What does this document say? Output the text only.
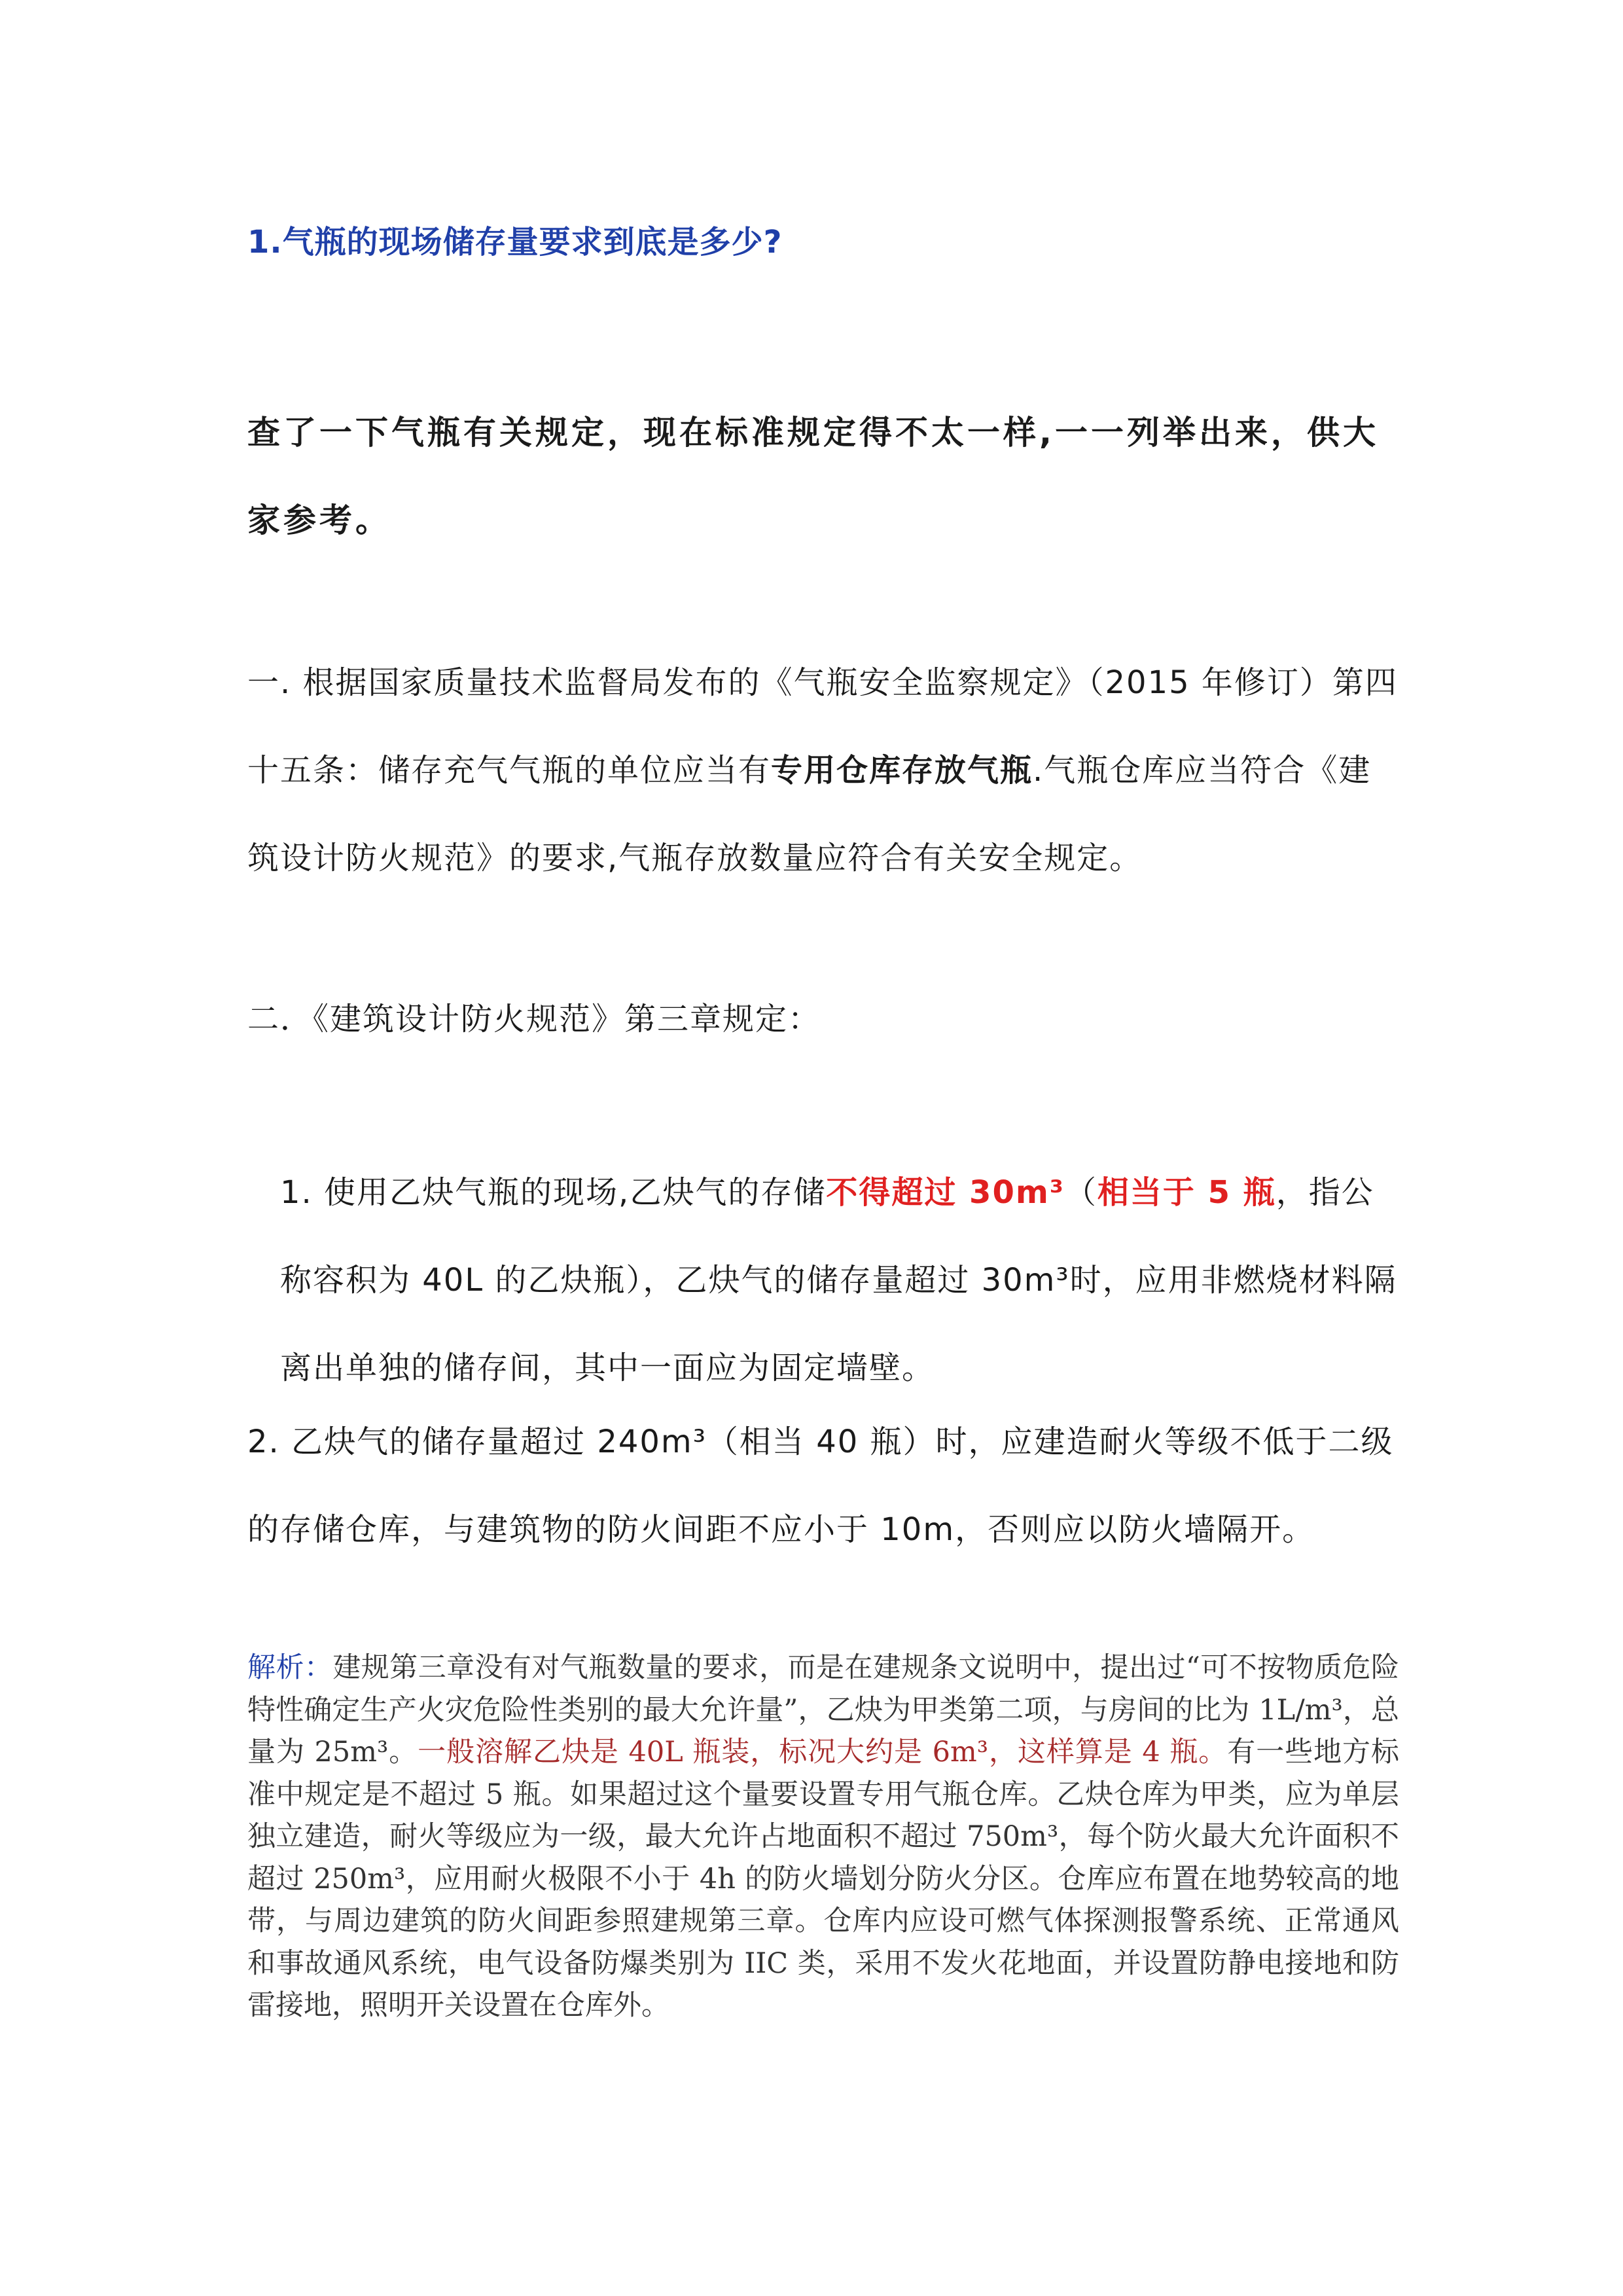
1.气瓶的现场储存量要求到底是多少?
查了一下气瓶有关规定，现在标准规定得不太一样,一一列举出来，供大家参考。
一. 根据国家质量技术监督局发布的《气瓶安全监察规定》（2015 年修订）第四十五条：储存充气气瓶的单位应当有专用仓库存放气瓶.气瓶仓库应当符合《建筑设计防火规范》的要求,气瓶存放数量应符合有关安全规定。
二．《建筑设计防火规范》第三章规定：
1. 使用乙炔气瓶的现场,乙炔气的存储不得超过 30m³（相当于 5 瓶，指公称容积为 40L 的乙炔瓶），乙炔气的储存量超过 30m³时，应用非燃烧材料隔离出单独的储存间，其中一面应为固定墙壁。
2. 乙炔气的储存量超过 240m³（相当 40 瓶）时，应建造耐火等级不低于二级的存储仓库，与建筑物的防火间距不应小于 10m，否则应以防火墙隔开。
解析：建规第三章没有对气瓶数量的要求，而是在建规条文说明中，提出过“可不按物质危险特性确定生产火灾危险性类别的最大允许量”，乙炔为甲类第二项，与房间的比为 1L/m³，总量为 25m³。一般溶解乙炔是 40L 瓶装，标况大约是 6m³，这样算是 4 瓶。有一些地方标准中规定是不超过 5 瓶。如果超过这个量要设置专用气瓶仓库。乙炔仓库为甲类，应为单层独立建造，耐火等级应为一级，最大允许占地面积不超过 750m³，每个防火最大允许面积不超过 250m³，应用耐火极限不小于 4h 的防火墙划分防火分区。仓库应布置在地势较高的地带，与周边建筑的防火间距参照建规第三章。仓库内应设可燃气体探测报警系统、正常通风和事故通风系统，电气设备防爆类别为 IIC 类，采用不发火花地面，并设置防静电接地和防雷接地，照明开关设置在仓库外。
